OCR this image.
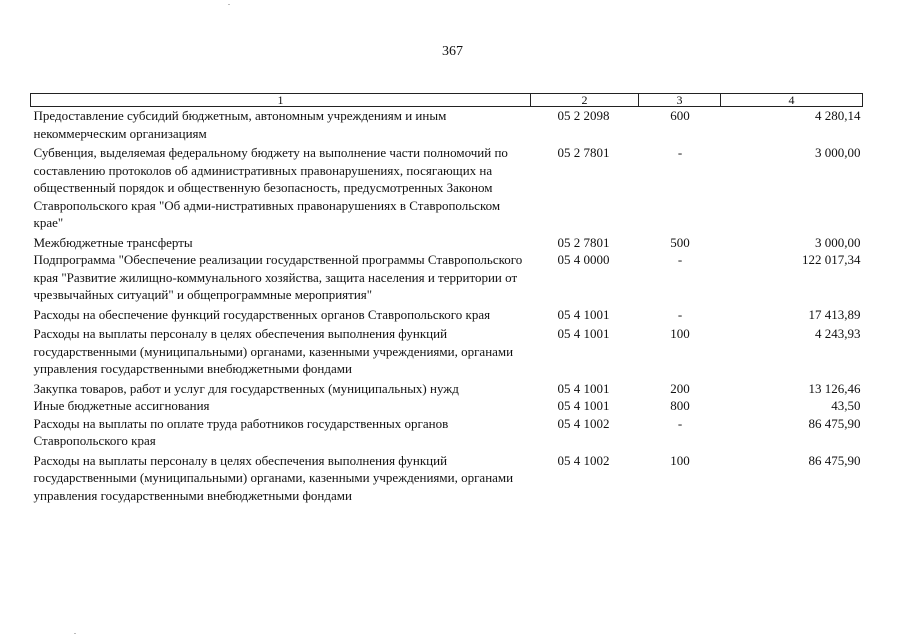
367
1	2	3	4
Предоставление субсидий бюджетным, автономным учреждениям и иным некоммерческим организациям	05 2 2098	600	4 280,14
Субвенция, выделяемая федеральному бюджету на выполнение части полномочий по составлению протоколов об административных правонарушениях, посягающих на общественный порядок и общественную безопасность, предусмотренных Законом Ставропольского края "Об адми-нистративных правонарушениях в Ставропольском крае"	05 2 7801	-	3 000,00
Межбюджетные трансферты	05 2 7801	500	3 000,00
Подпрограмма "Обеспечение реализации государственной программы Ставропольского края "Развитие жилищно-коммунального хозяйства, защита населения и территории от чрезвычайных ситуаций" и общепрограммные мероприятия"	05 4 0000	-	122 017,34
Расходы на обеспечение функций государственных органов Ставропольского края	05 4 1001	-	17 413,89
Расходы на выплаты персоналу в целях обеспечения выполнения функций государственными (муниципальными) органами, казенными учреждениями, органами управления государственными внебюджетными фондами	05 4 1001	100	4 243,93
Закупка товаров, работ и услуг для государственных (муниципальных) нужд	05 4 1001	200	13 126,46
Иные бюджетные ассигнования	05 4 1001	800	43,50
Расходы на выплаты по оплате труда работников государственных органов Ставропольского края	05 4 1002	-	86 475,90
Расходы на выплаты персоналу в целях обеспечения выполнения функций государственными (муниципальными) органами, казенными учреждениями, органами управления государственными внебюджетными фондами	05 4 1002	100	86 475,90
